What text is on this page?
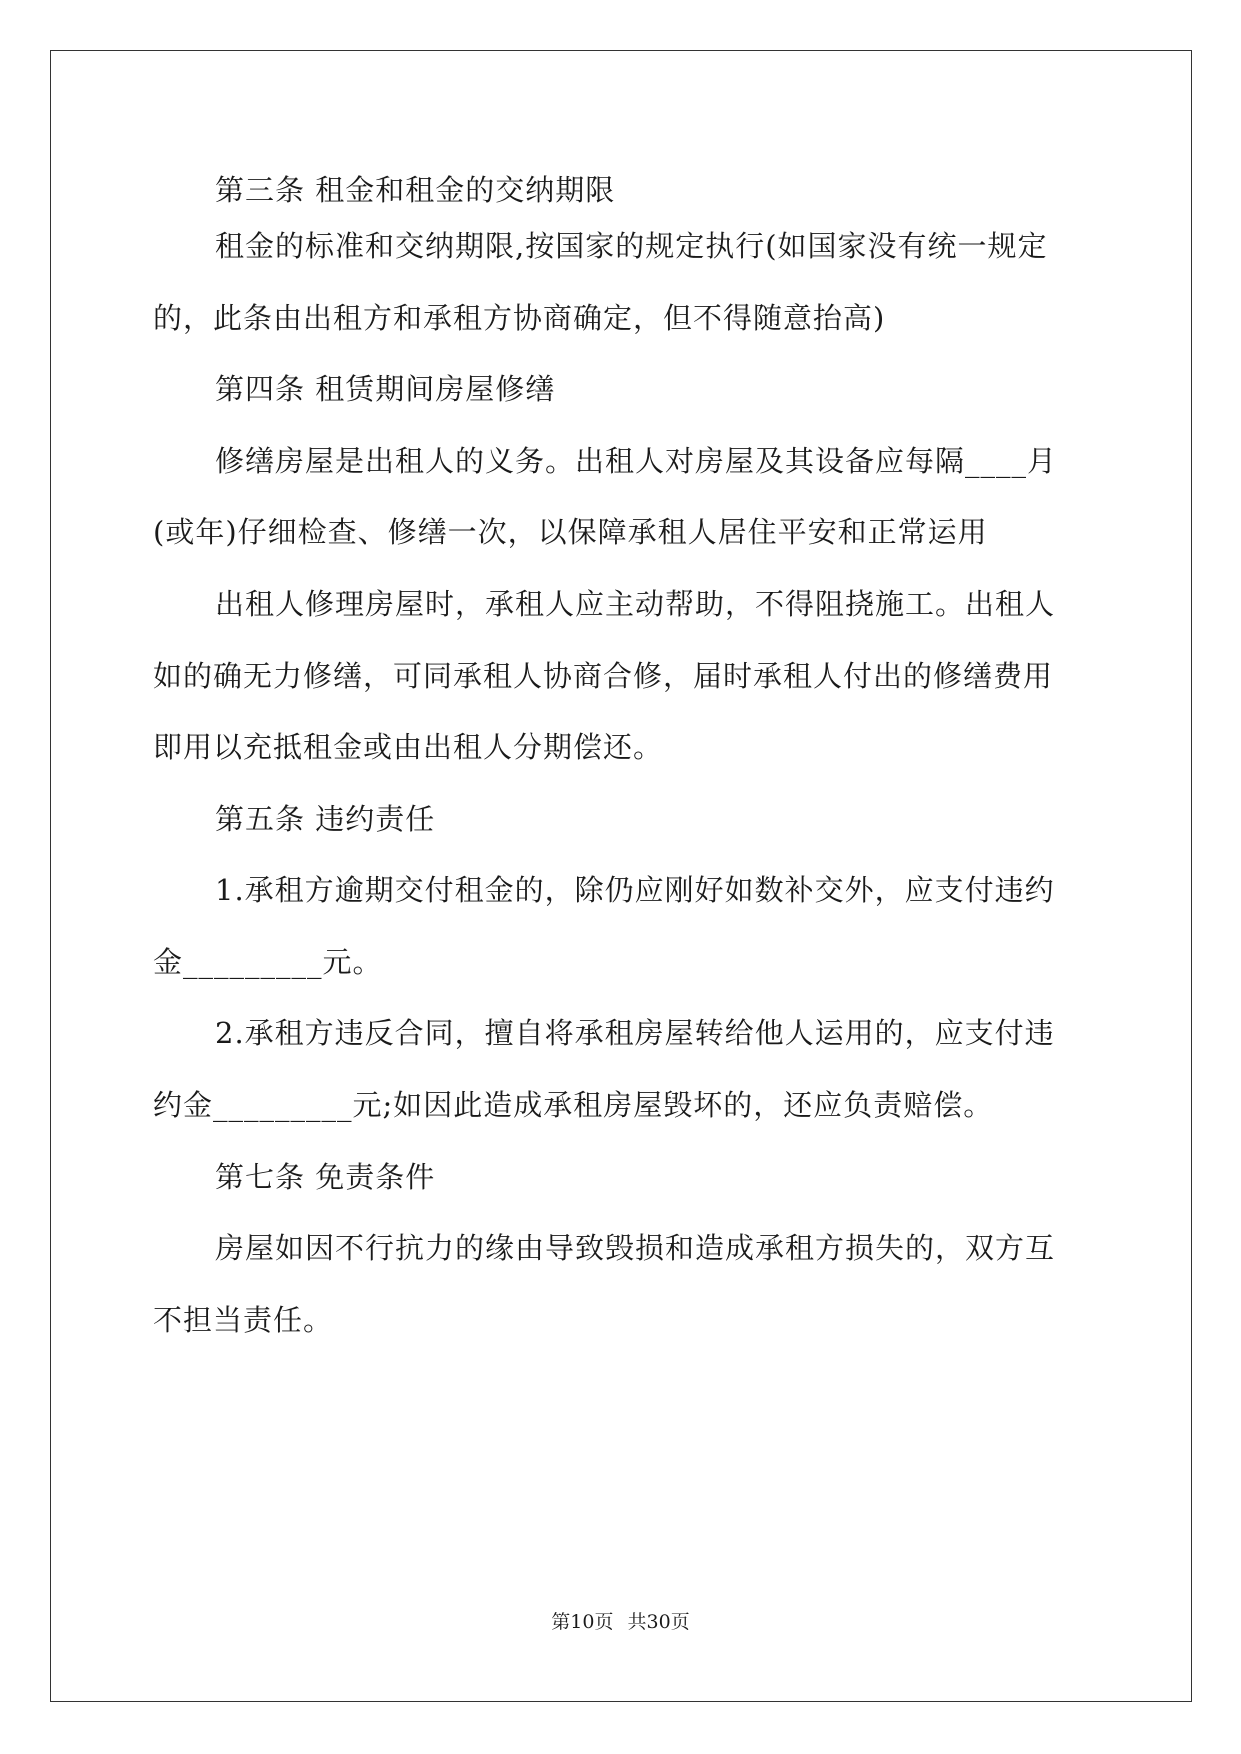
第三条 租金和租金的交纳期限
租金的标准和交纳期限,按国家的规定执行(如国家没有统一规定
的，此条由出租方和承租方协商确定，但不得随意抬高)
第四条 租赁期间房屋修缮
修缮房屋是出租人的义务。出租人对房屋及其设备应每隔____月
(或年)仔细检查、修缮一次，以保障承租人居住平安和正常运用
出租人修理房屋时，承租人应主动帮助，不得阻挠施工。出租人
如的确无力修缮，可同承租人协商合修，届时承租人付出的修缮费用
即用以充抵租金或由出租人分期偿还。
第五条 违约责任
1.承租方逾期交付租金的，除仍应刚好如数补交外，应支付违约
金_________元。
2.承租方违反合同，擅自将承租房屋转给他人运用的，应支付违
约金_________元;如因此造成承租房屋毁坏的，还应负责赔偿。
第七条 免责条件
房屋如因不行抗力的缘由导致毁损和造成承租方损失的，双方互
不担当责任。
第10页 共30页
